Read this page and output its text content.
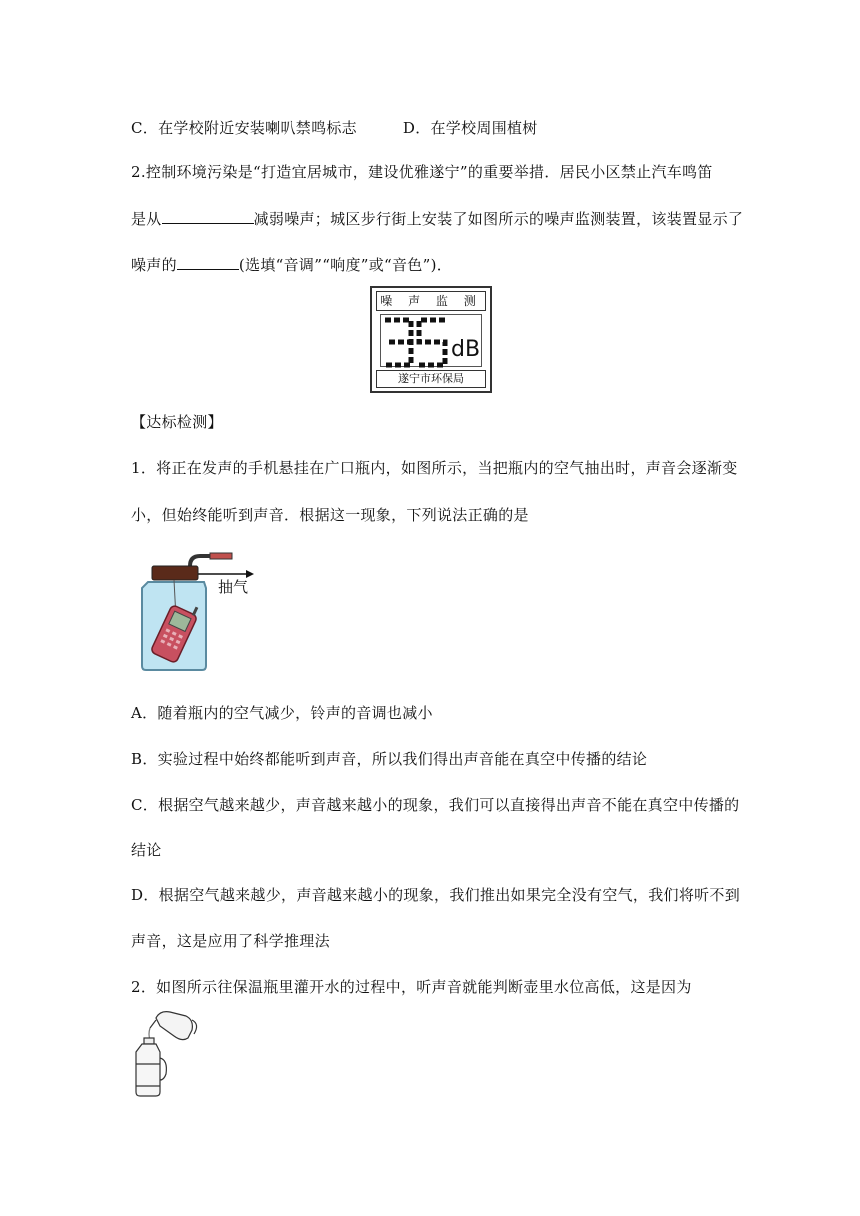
C．在学校附近安装喇叭禁鸣标志　　　D．在学校周围植树
2.控制环境污染是“打造宜居城市，建设优雅遂宁”的重要举措．居民小区禁止汽车鸣笛
是从	减弱噪声；城区步行街上安装了如图所示的噪声监测装置，该装置显示了
噪声的	(选填“音调”“响度”或“音色”)．
噪 声 监 测
dB
遂宁市环保局
【达标检测】
1．将正在发声的手机悬挂在广口瓶内，如图所示，当把瓶内的空气抽出时，声音会逐渐变
小，但始终能听到声音．根据这一现象，下列说法正确的是
抽气
A．随着瓶内的空气减少，铃声的音调也减小
B．实验过程中始终都能听到声音，所以我们得出声音能在真空中传播的结论
C．根据空气越来越少，声音越来越小的现象，我们可以直接得出声音不能在真空中传播的
结论
D．根据空气越来越少，声音越来越小的现象，我们推出如果完全没有空气，我们将听不到
声音，这是应用了科学推理法
2．如图所示往保温瓶里灌开水的过程中，听声音就能判断壶里水位高低，这是因为
